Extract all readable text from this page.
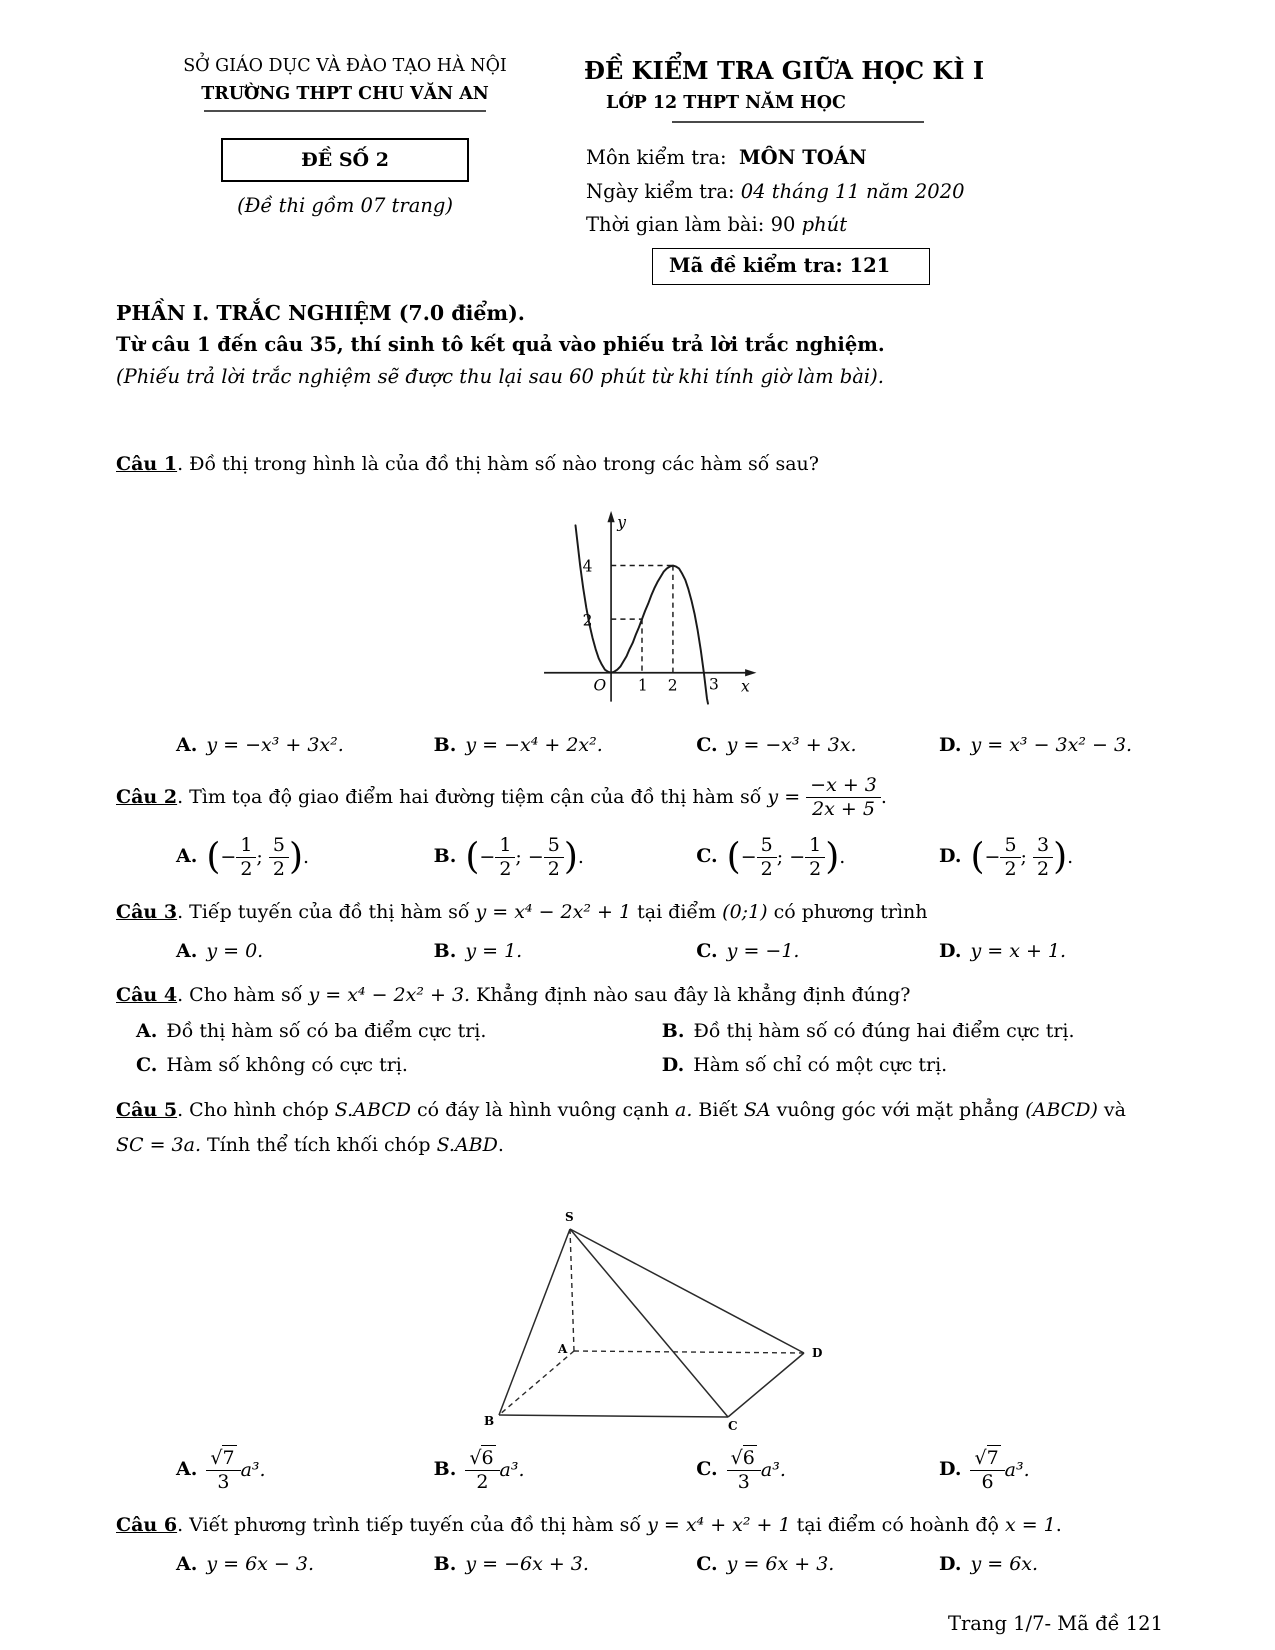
SỞ GIÁO DỤC VÀ ĐÀO TẠO HÀ NỘI
TRƯỜNG THPT CHU VĂN AN
ĐỀ SỐ 2
(Đề thi gồm 07 trang)
ĐỀ KIỂM TRA GIỮA HỌC KÌ I
LỚP 12 THPT NĂM HỌC
Môn kiểm tra: MÔN TOÁN
Ngày kiểm tra: 04 tháng 11 năm 2020
Thời gian làm bài: 90 phút
Mã đề kiểm tra: 121
PHẦN I. TRẮC NGHIỆM (7.0 điểm).
Từ câu 1 đến câu 35, thí sinh tô kết quả vào phiếu trả lời trắc nghiệm.
(Phiếu trả lời trắc nghiệm sẽ được thu lại sau 60 phút từ khi tính giờ làm bài).
Câu 1. Đồ thị trong hình là của đồ thị hàm số nào trong các hàm số sau?
y
x
O 1 2 3
2
4
A. y = −x³ + 3x².	B. y = −x⁴ + 2x².	C. y = −x³ + 3x.	D. y = x³ − 3x² − 3.
Câu 2. Tìm tọa độ giao điểm hai đường tiệm cận của đồ thị hàm số $y = \frac{-x + 3}{2x + 5}$ .
A. (− $\frac{1}{2}$ ; $\frac{5}{2}$ ).	B. (− $\frac{1}{2}$ ; − $\frac{5}{2}$ ).	C. (− $\frac{5}{2}$ ; − $\frac{1}{2}$ ).	D. (− $\frac{5}{2}$ ; $\frac{3}{2}$ ).
Câu 3. Tiếp tuyến của đồ thị hàm số y = x⁴ − 2x² + 1 tại điểm (0;1) có phương trình
A. y = 0.	B. y = 1.	C. y = −1.	D. y = x + 1.
Câu 4. Cho hàm số y = x⁴ − 2x² + 3. Khẳng định nào sau đây là khẳng định đúng?
A. Đồ thị hàm số có ba điểm cực trị.	B. Đồ thị hàm số có đúng hai điểm cực trị.
C. Hàm số không có cực trị.	D. Hàm số chỉ có một cực trị.
Câu 5. Cho hình chóp S.ABCD có đáy là hình vuông cạnh a. Biết SA vuông góc với mặt phẳng (ABCD) và
SC = 3a. Tính thể tích khối chóp S.ABD.
S
A
B	C
D
A. $\frac{√7}{3} a^3$.	B. $\frac{√6}{2} a^3$.	C. $\frac{√6}{3} a^3$.	D. $\frac{√7}{6} a^3$.
Câu 6. Viết phương trình tiếp tuyến của đồ thị hàm số y = x⁴ + x² + 1 tại điểm có hoành độ x = 1.
A. y = 6x − 3.	B. y = −6x + 3.	C. y = 6x + 3.	D. y = 6x.
Trang 1/7- Mã đề 121
